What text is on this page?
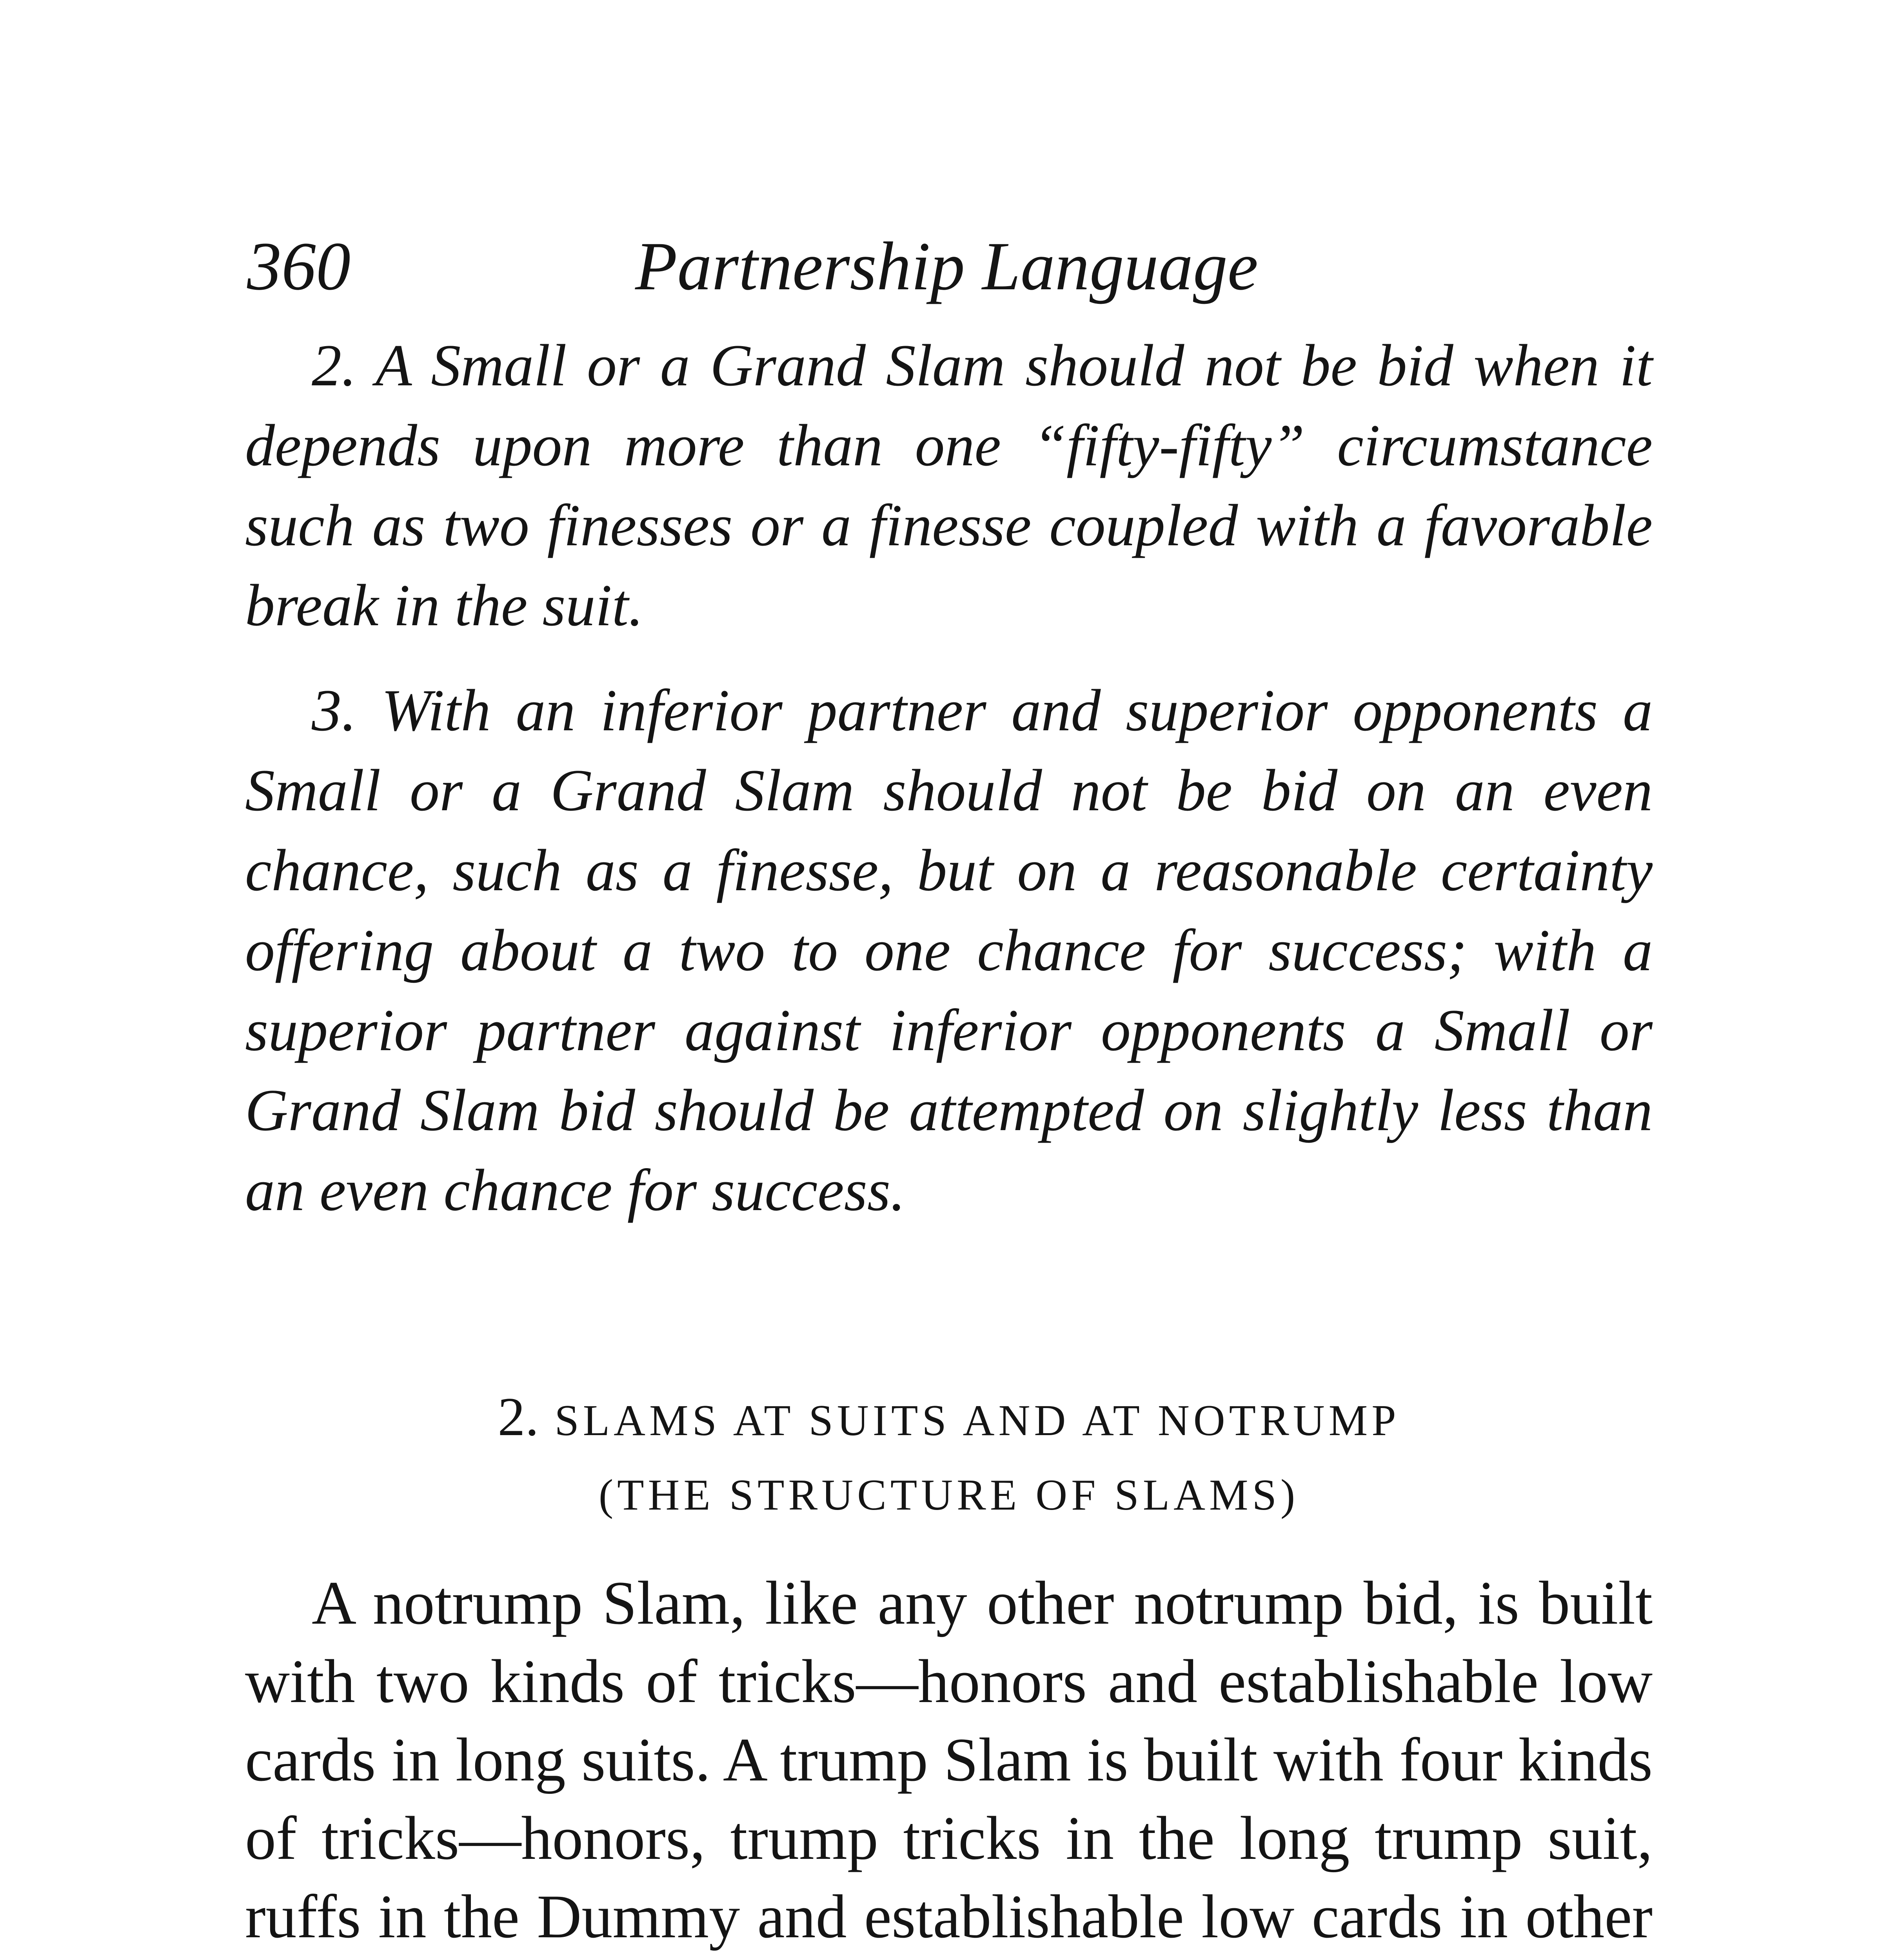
360	Partnership Language

2. A Small or a Grand Slam should not be bid when it depends upon more than one “fifty-fifty” circumstance such as two finesses or a finesse coupled with a favorable break in the suit.

3. With an inferior partner and superior opponents a Small or a Grand Slam should not be bid on an even chance, such as a finesse, but on a reasonable certainty offering about a two to one chance for success; with a superior partner against inferior opponents a Small or Grand Slam bid should be attempted on slightly less than an even chance for success.

2. SLAMS AT SUITS AND AT NOTRUMP
(THE STRUCTURE OF SLAMS)

A notrump Slam, like any other notrump bid, is built with two kinds of tricks—honors and establishable low cards in long suits. A trump Slam is built with four kinds of tricks—honors, trump tricks in the long trump suit, ruffs in the Dummy and establishable low cards in other
